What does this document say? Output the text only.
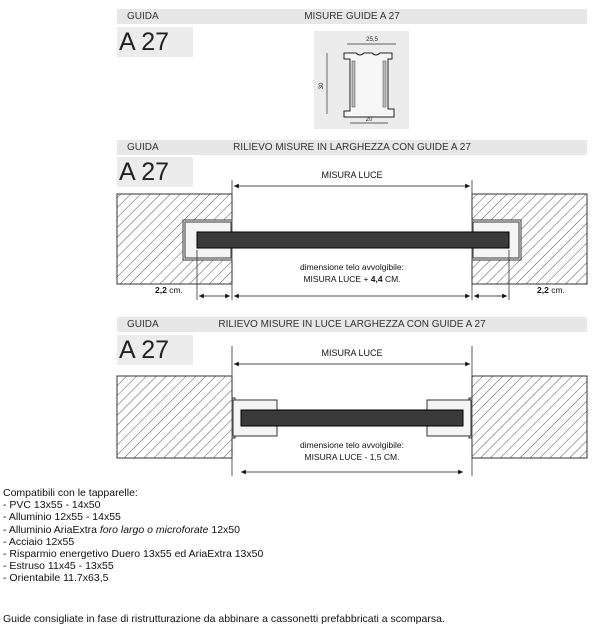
GUIDA	MISURE GUIDE A 27
A 27	25,5
30
20
GUIDA	RILIEVO MISURE IN LARGHEZZA CON GUIDE A 27
A 27	MISURA LUCE
dimensione telo avvolgibile:
MISURA LUCE + 4,4 CM.
2,2 cm.	2,2 cm.
GUIDA	RILIEVO MISURE IN LUCE LARGHEZZA CON GUIDE A 27
A 27	MISURA LUCE
dimensione telo avvolgibile:
MISURA LUCE - 1,5 CM.
Compatibili con le tapparelle:
- PVC 13x55 - 14x50
- Alluminio 12x55 - 14x55
- Alluminio AriaExtra foro largo o microforate 12x50
- Acciaio 12x55
- Risparmio energetivo Duero 13x55 ed AriaExtra 13x50
- Estruso 11x45 - 13x55
- Orientabile 11.7x63,5
Guide consigliate in fase di ristrutturazione da abbinare a cassonetti prefabbricati a scomparsa.
